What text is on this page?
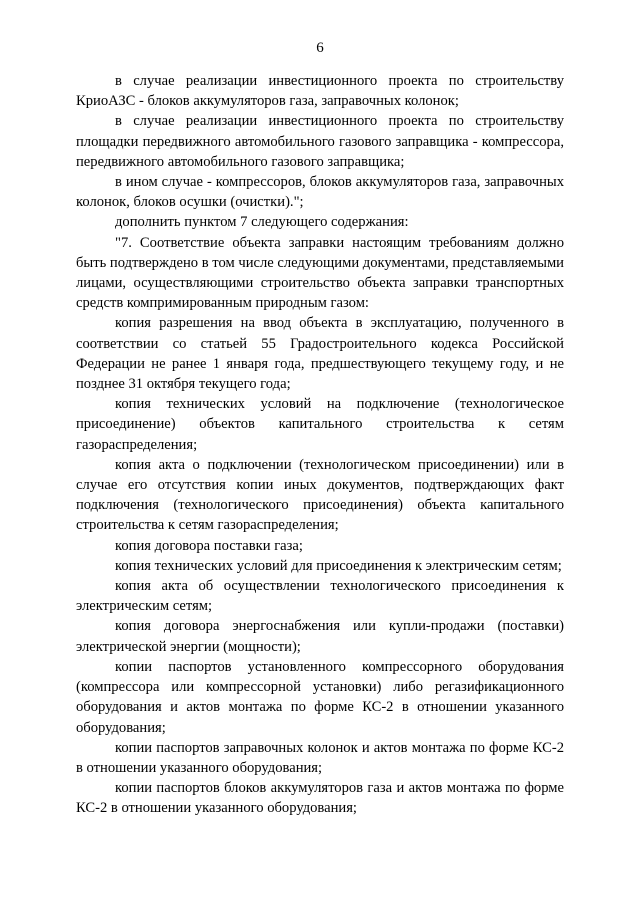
6

в случае реализации инвестиционного проекта по строительству КриоАЗС - блоков аккумуляторов газа, заправочных колонок;

в случае реализации инвестиционного проекта по строительству площадки передвижного автомобильного газового заправщика - компрессора, передвижного автомобильного газового заправщика;

в ином случае - компрессоров, блоков аккумуляторов газа, заправочных колонок, блоков осушки (очистки).";

дополнить пунктом 7 следующего содержания:

"7. Соответствие объекта заправки настоящим требованиям должно быть подтверждено в том числе следующими документами, представляемыми лицами, осуществляющими строительство объекта заправки транспортных средств компримированным природным газом:

копия разрешения на ввод объекта в эксплуатацию, полученного в соответствии со статьей 55 Градостроительного кодекса Российской Федерации не ранее 1 января года, предшествующего текущему году, и не позднее 31 октября текущего года;

копия технических условий на подключение (технологическое присоединение) объектов капитального строительства к сетям газораспределения;

копия акта о подключении (технологическом присоединении) или в случае его отсутствия копии иных документов, подтверждающих факт подключения (технологического присоединения) объекта капитального строительства к сетям газораспределения;

копия договора поставки газа;

копия технических условий для присоединения к электрическим сетям;

копия акта об осуществлении технологического присоединения к электрическим сетям;

копия договора энергоснабжения или купли-продажи (поставки) электрической энергии (мощности);

копии паспортов установленного компрессорного оборудования (компрессора или компрессорной установки) либо регазификационного оборудования и актов монтажа по форме КС-2 в отношении указанного оборудования;

копии паспортов заправочных колонок и актов монтажа по форме КС-2 в отношении указанного оборудования;

копии паспортов блоков аккумуляторов газа и актов монтажа по форме КС-2 в отношении указанного оборудования;
